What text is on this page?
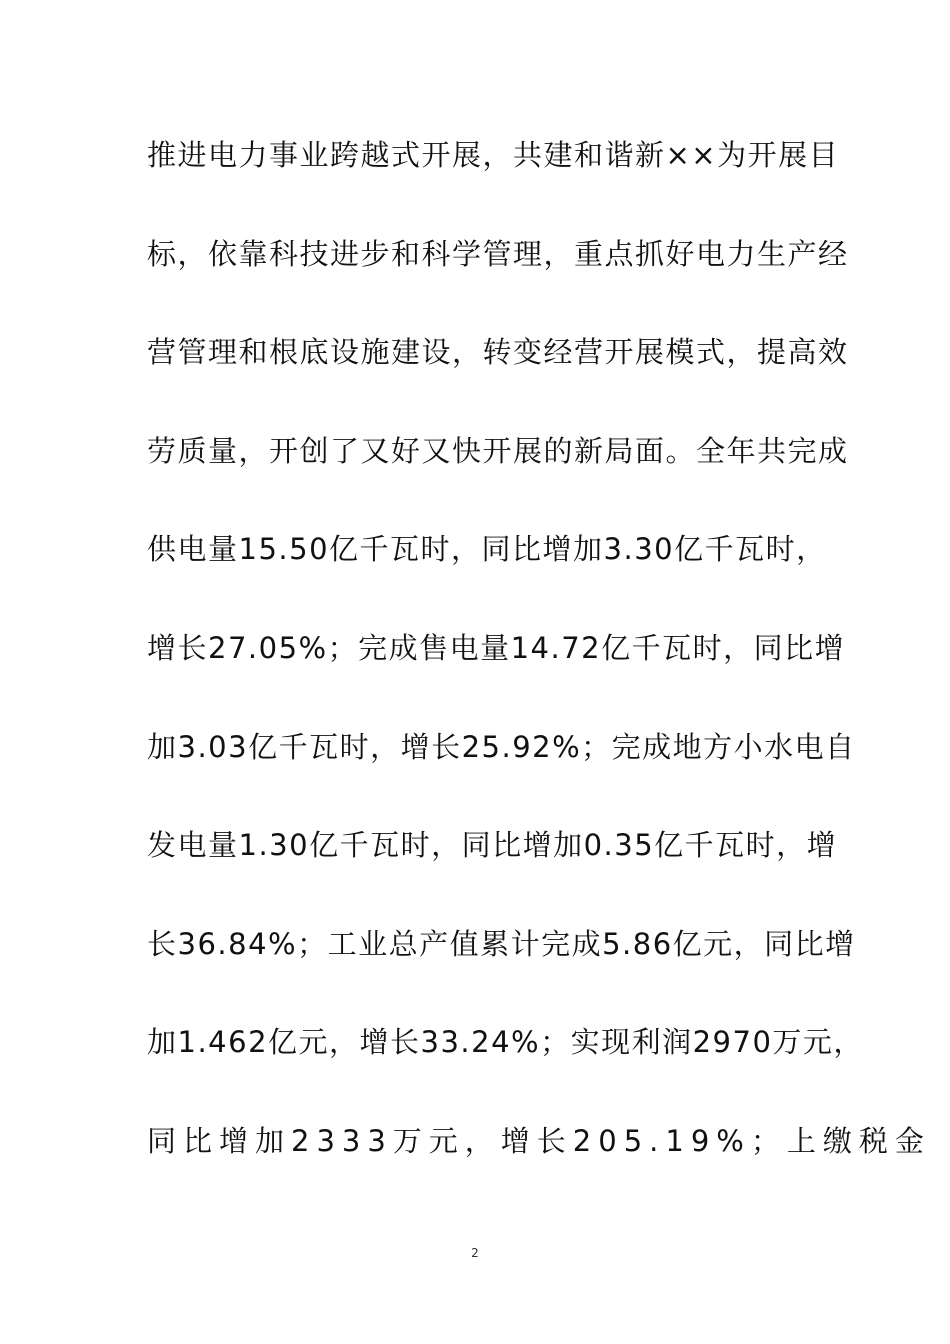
推进电力事业跨越式开展，共建和谐新××为开展目
标，依靠科技进步和科学管理，重点抓好电力生产经
营管理和根底设施建设，转变经营开展模式，提高效
劳质量，开创了又好又快开展的新局面。全年共完成
供电量15.50亿千瓦时，同比增加3.30亿千瓦时，
增长27.05%；完成售电量14.72亿千瓦时，同比增
加3.03亿千瓦时，增长25.92%；完成地方小水电自
发电量1.30亿千瓦时，同比增加0.35亿千瓦时，增
长36.84%；工业总产值累计完成5.86亿元，同比增
加1.462亿元，增长33.24%；实现利润2970万元，
同比增加2333万元，增长205.19%；上缴税金
2
